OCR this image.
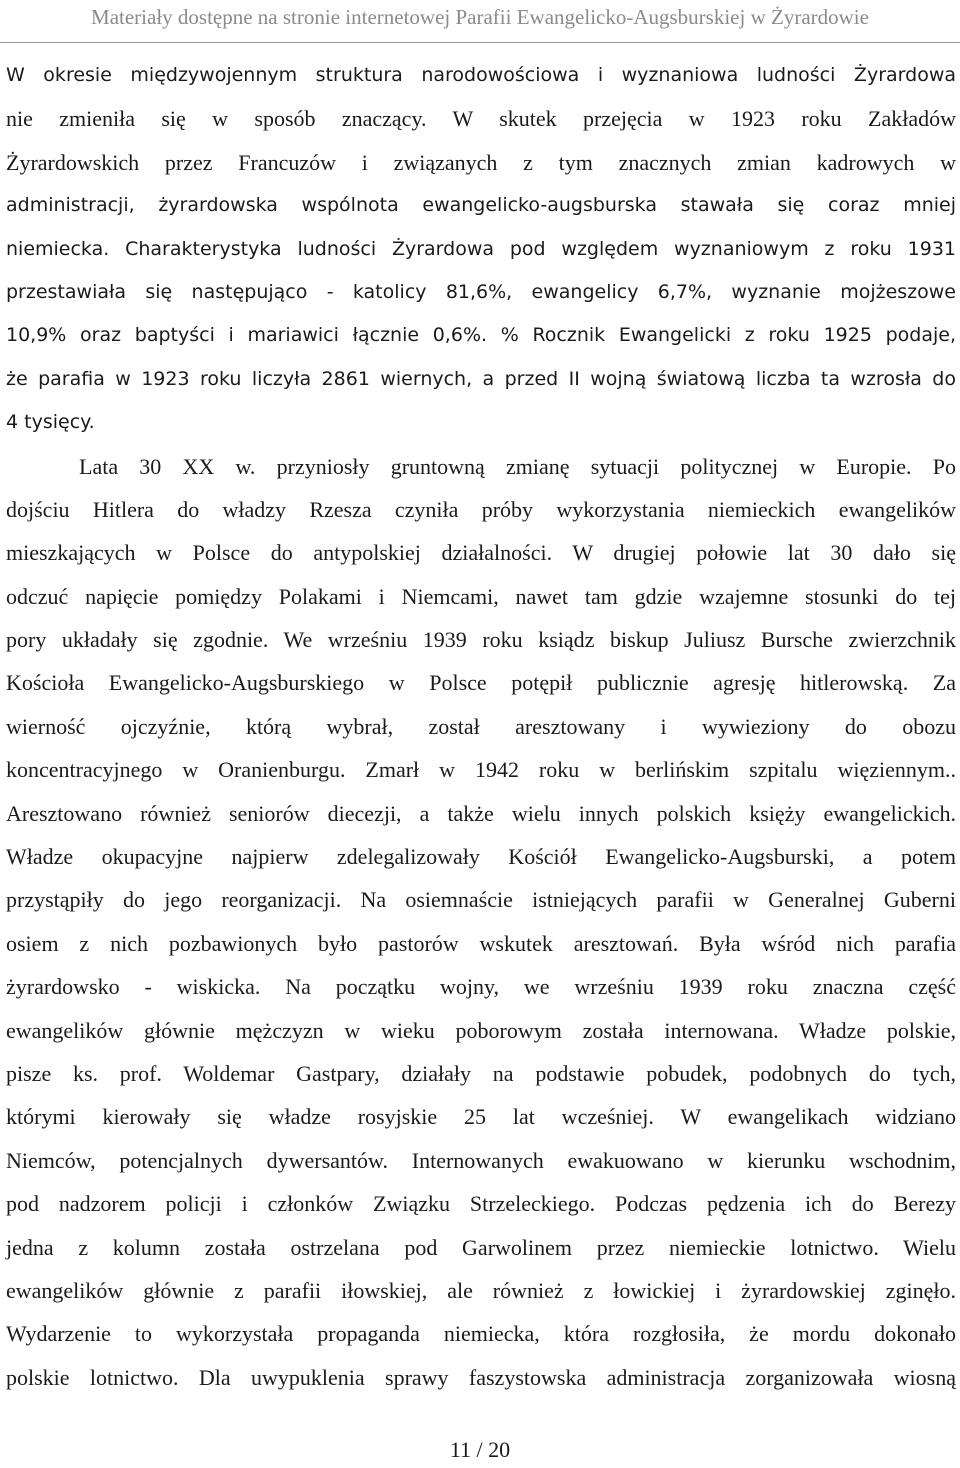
Materiały dostępne na stronie internetowej Parafii Ewangelicko-Augsburskiej w Żyrardowie
W okresie międzywojennym struktura narodowościowa i wyznaniowa ludności Żyrardowa
nie zmieniła się w sposób znaczący. W skutek przejęcia w 1923 roku Zakładów
Żyrardowskich przez Francuzów i związanych z tym znacznych zmian kadrowych w
administracji, żyrardowska wspólnota ewangelicko-augsburska stawała się coraz mniej
niemiecka. Charakterystyka ludności Żyrardowa pod względem wyznaniowym z roku 1931
przestawiała się następująco - katolicy 81,6%, ewangelicy 6,7%, wyznanie mojżeszowe
10,9% oraz baptyści i mariawici łącznie 0,6%. % Rocznik Ewangelicki z roku 1925 podaje,
że parafia w 1923 roku liczyła 2861 wiernych, a przed II wojną światową liczba ta wzrosła do
4 tysięcy.
Lata 30 XX w. przyniosły gruntowną zmianę sytuacji politycznej w Europie. Po
dojściu Hitlera do władzy Rzesza czyniła próby wykorzystania niemieckich ewangelików
mieszkających w Polsce do antypolskiej działalności. W drugiej połowie lat 30 dało się
odczuć napięcie pomiędzy Polakami i Niemcami, nawet tam gdzie wzajemne stosunki do tej
pory układały się zgodnie. We wrześniu 1939 roku ksiądz biskup Juliusz Bursche zwierzchnik
Kościoła Ewangelicko-Augsburskiego w Polsce potępił publicznie agresję hitlerowską. Za
wierność ojczyźnie, którą wybrał, został aresztowany i wywieziony do obozu
koncentracyjnego w Oranienburgu. Zmarł w 1942 roku w berlińskim szpitalu więziennym..
Aresztowano również seniorów diecezji, a także wielu innych polskich księży ewangelickich.
Władze okupacyjne najpierw zdelegalizowały Kościół Ewangelicko-Augsburski, a potem
przystąpiły do jego reorganizacji. Na osiemnaście istniejących parafii w Generalnej Guberni
osiem z nich pozbawionych było pastorów wskutek aresztowań. Była wśród nich parafia
żyrardowsko - wiskicka. Na początku wojny, we wrześniu 1939 roku znaczna część
ewangelików głównie mężczyzn w wieku poborowym została internowana. Władze polskie,
pisze ks. prof. Woldemar Gastpary, działały na podstawie pobudek, podobnych do tych,
którymi kierowały się władze rosyjskie 25 lat wcześniej. W ewangelikach widziano
Niemców, potencjalnych dywersantów. Internowanych ewakuowano w kierunku wschodnim,
pod nadzorem policji i członków Związku Strzeleckiego. Podczas pędzenia ich do Berezy
jedna z kolumn została ostrzelana pod Garwolinem przez niemieckie lotnictwo. Wielu
ewangelików głównie z parafii iłowskiej, ale również z łowickiej i żyrardowskiej zginęło.
Wydarzenie to wykorzystała propaganda niemiecka, która rozgłosiła, że mordu dokonało
polskie lotnictwo. Dla uwypuklenia sprawy faszystowska administracja zorganizowała wiosną
11 / 20
